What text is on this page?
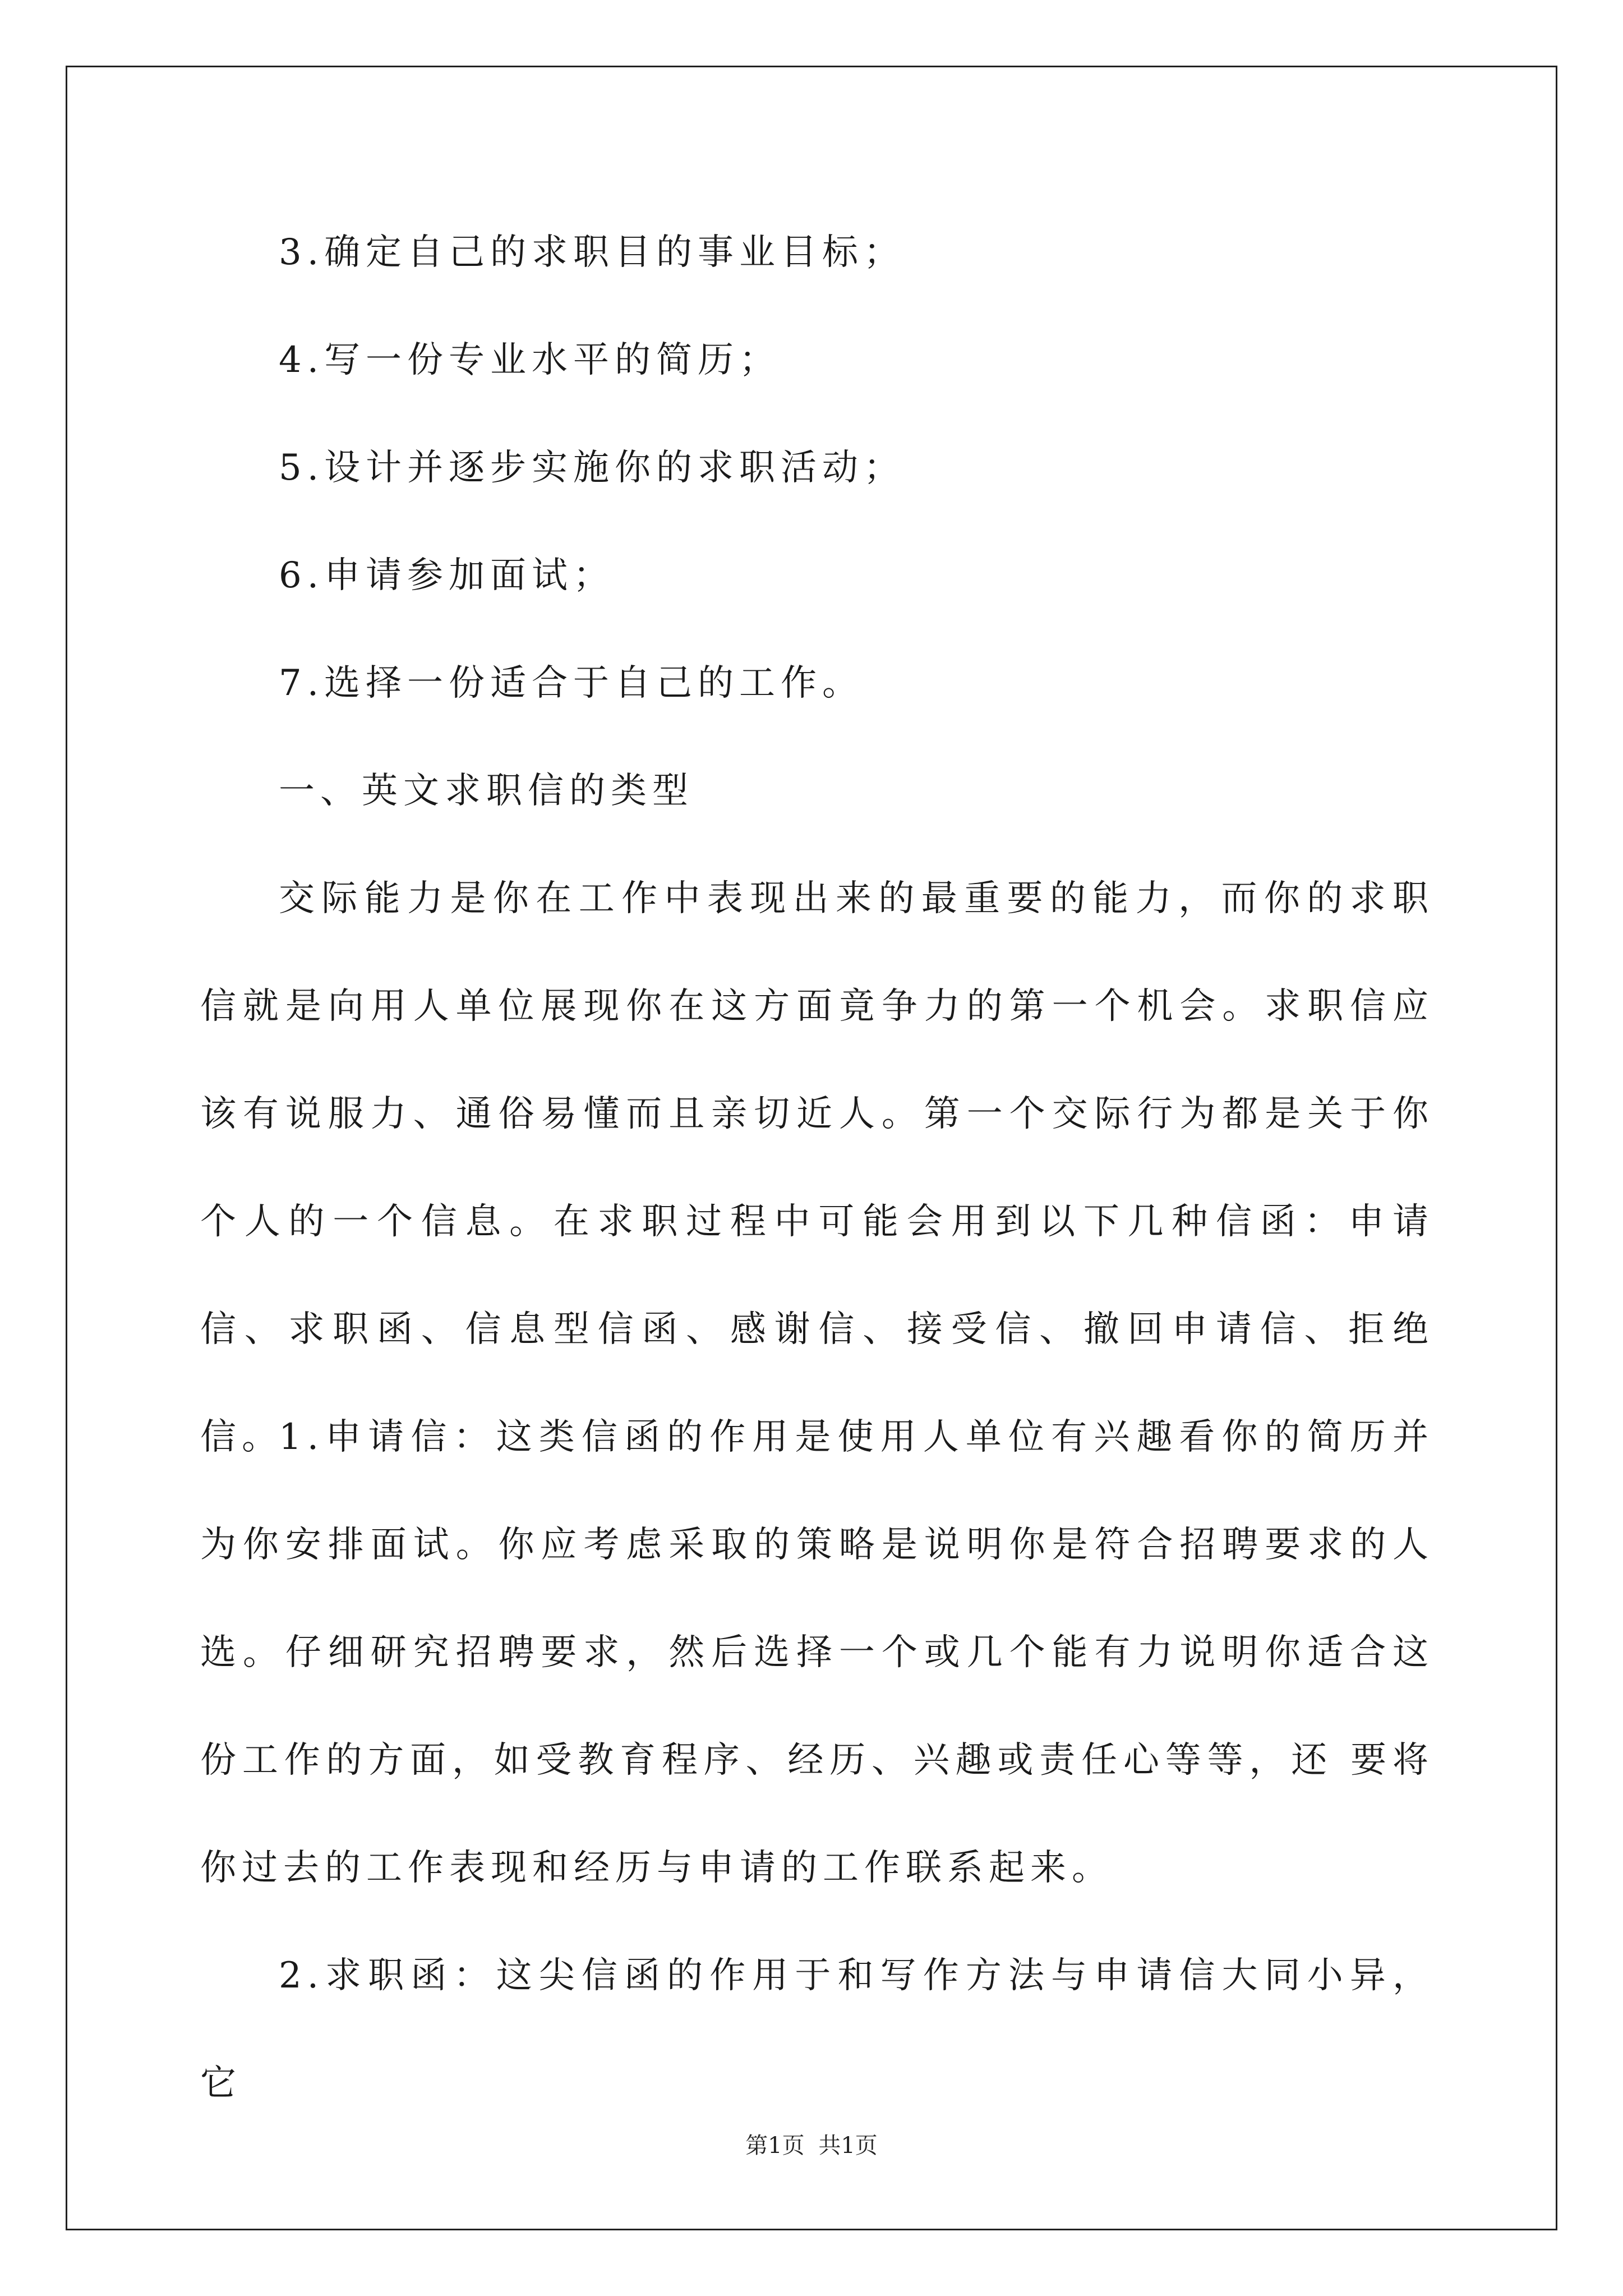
3.确定自己的求职目的事业目标；
4.写一份专业水平的简历；
5.设计并逐步实施你的求职活动；
6.申请参加面试；
7.选择一份适合于自己的工作。
一、英文求职信的类型

交际能力是你在工作中表现出来的最重要的能力，而你的求职信就是向用人单位展现你在这方面竟争力的第一个机会。求职信应该有说服力、通俗易懂而且亲切近人。第一个交际行为都是关于你个人的一个信息。在求职过程中可能会用到以下几种信函：申请信、求职函、信息型信函、感谢信、接受信、撤回申请信、拒绝信。

1.申请信：这类信函的作用是使用人单位有兴趣看你的简历并为你安排面试。你应考虑采取的策略是说明你是符合招聘要求的人选。仔细研究招聘要求，然后选择一个或几个能有力说明你适合这份工作的方面，如受教育程序、经历、兴趣或责任心等等，还 要将你过去的工作表现和经历与申请的工作联系起来。

2.求职函：这尖信函的作用于和写作方法与申请信大同小异，它

第1页 共1页
